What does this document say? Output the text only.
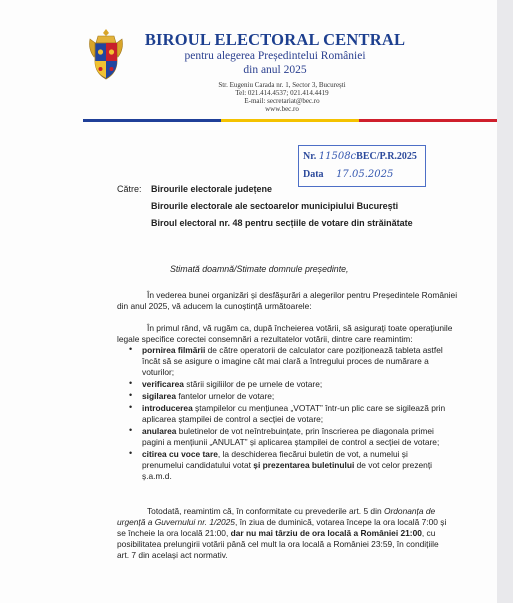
BIROUL ELECTORAL CENTRAL
pentru alegerea Președintelui României
din anul 2025
Str. Eugeniu Carada nr. 1, Sector 3, București
Tel: 021.414.4537; 021.414.4419
E-mail: secretariat@bec.ro
www.bec.ro
Nr. 11508cBEC/P.R.2025
Data 17.05.2025
Către: Birourile electorale județene
Birourile electorale ale sectoarelor municipiului București
Biroul electoral nr. 48 pentru secțiile de votare din străinătate
Stimată doamnă/Stimate domnule președinte,
În vederea bunei organizări și desfășurări a alegerilor pentru Președintele României
din anul 2025, vă aducem la cunoștință următoarele:
În primul rând, vă rugăm ca, după încheierea votării, să asigurați toate operațiunile
legale specifice corectei consemnări a rezultatelor votării, dintre care reamintim:
• pornirea filmării de către operatorii de calculator care poziționează tableta astfel
încât să se asigure o imagine cât mai clară a întregului proces de numărare a
voturilor;
• verificarea stării sigiliilor de pe urnele de votare;
• sigilarea fantelor urnelor de votare;
• introducerea ștampilelor cu mențiunea „VOTAT” într-un plic care se sigilează prin
aplicarea ștampilei de control a secției de votare;
• anularea buletinelor de vot neîntrebuințate, prin înscrierea pe diagonala primei
pagini a mențiunii „ANULAT” și aplicarea ștampilei de control a secției de votare;
• citirea cu voce tare, la deschiderea fiecărui buletin de vot, a numelui și
prenumelui candidatului votat și prezentarea buletinului de vot celor prezenți
ș.a.m.d.
Totodată, reamintim că, în conformitate cu prevederile art. 5 din Ordonanța de
urgență a Guvernului nr. 1/2025, în ziua de duminică, votarea începe la ora locală 7:00 și
se încheie la ora locală 21:00, dar nu mai târziu de ora locală a României 21:00, cu
posibilitatea prelungirii votării până cel mult la ora locală a României 23:59, în condițiile
art. 7 din același act normativ.
